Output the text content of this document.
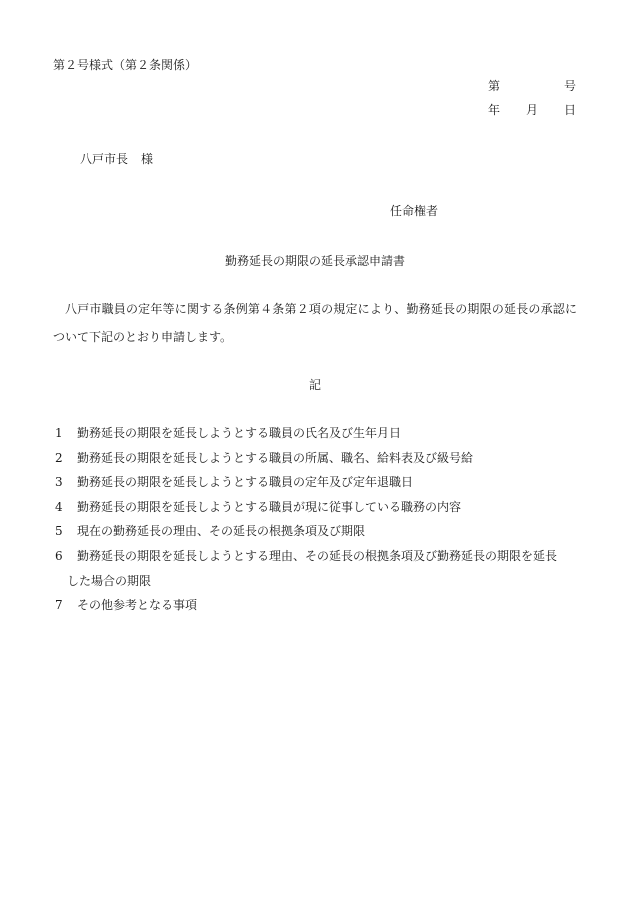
第２号様式（第２条関係）
第	号
年 月 日
八戸市長 様
任命権者
勤務延長の期限の延長承認申請書
八戸市職員の定年等に関する条例第４条第２項の規定により、勤務延長の期限の延長の承認について下記のとおり申請します。
記
1	勤務延長の期限を延長しようとする職員の氏名及び生年月日
2	勤務延長の期限を延長しようとする職員の所属、職名、給料表及び級号給
3	勤務延長の期限を延長しようとする職員の定年及び定年退職日
4	勤務延長の期限を延長しようとする職員が現に従事している職務の内容
5	現在の勤務延長の理由、その延長の根拠条項及び期限
6	勤務延長の期限を延長しようとする理由、その延長の根拠条項及び勤務延長の期限を延長
した場合の期限
7	その他参考となる事項
